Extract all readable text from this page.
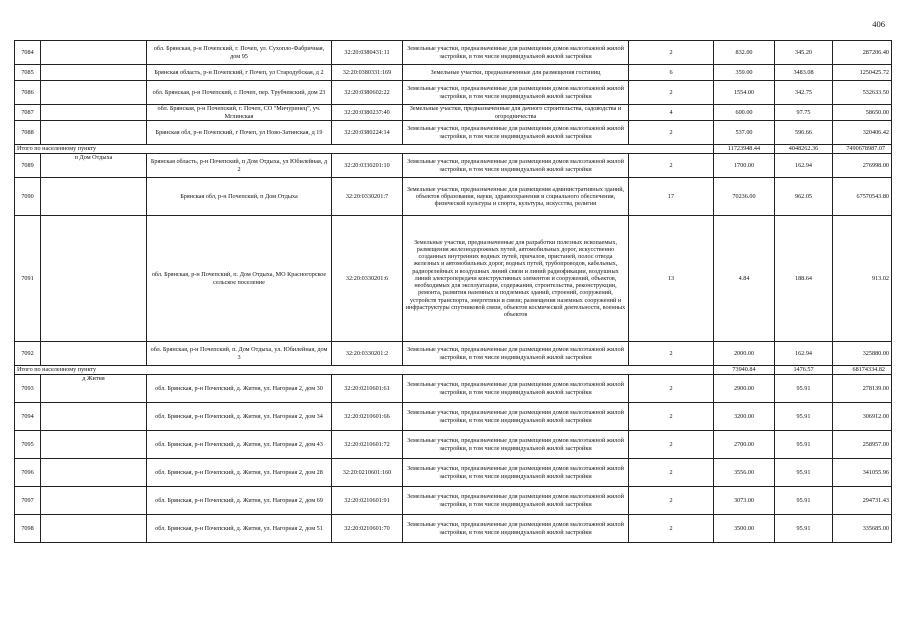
406
7084		обл. Брянская, р-н Почепский, г. Почеп, ул. Сухопло-Фабричная, дом 95	32:20:0380431:11	Земельные участки, предназначенные для размещения домов малоэтажной жилой застройки, в том числе индивидуальной жилой застройки	2	832.00	345.20	287206.40
7085		Брянская область, р-н Почепский, г Почеп, ул Стародубская, д 2	32:20:0380331:169	Земельные участки, предназначенные для размещения гостиниц	6	359.00	3483.08	1250425.72
7086		обл. Брянская, р-н Почепский, г. Почеп, пер. Трубчевский, дом 23	32:20:0380602:22	Земельные участки, предназначенные для размещения домов малоэтажной жилой застройки, в том числе индивидуальной жилой застройки	2	1554.00	342.75	532633.50
7087		обл. Брянская, р-н Почепский, г. Почеп, СО "Мичуринец", уч. Мглинская	32:20:0380237:40	Земельные участки, предназначенные для дачного строительства, садоводства и огородничества	4	600.00	97.75	58650.00
7088		Брянская обл, р-н Почепский, г Почеп, ул Ново-Затинская, д 19	32:20:0380224:14	Земельные участки, предназначенные для размещения домов малоэтажной жилой застройки, в том числе индивидуальной жилой застройки	2	537.00	596.66	320406.42
Итого по населенному пункту						11723948.44	4048262.36	7490678987.07
7089	п Дом Отдыха	Брянская область, р-н Почепский, п Дом Отдыха, ул Юбилейная, д 2	32:20:0330201:10	Земельные участки, предназначенные для размещения домов малоэтажной жилой застройки, в том числе индивидуальной жилой застройки	2	1700.00	162.94	276998.00
7090		Брянская обл, р-н Почепский, п Дом Отдыха	32:20:0330201:7	Земельные участки, предназначенные для размещения административных зданий, объектов образования, науки, здравоохранения и социального обеспечения, физической культуры и спорта, культуры, искусства, религии	17	70236.00	962.05	67570543.80
7091		обл. Брянская, р-н Почепский, п. Дом Отдыха, МО Красногорское сельское поселение	32:20:0330201:6	Земельные участки, предназначенные для разработки полезных ископаемых, размещения железнодорожных путей, автомобильных дорог, искусственно созданных внутренних водных путей, причалов, пристаней, полос отвода железных и автомобильных дорог, водных путей, трубопроводов, кабельных, радиорелейных и воздушных линий связи и линий радиофикации, воздушных линий электропередачи конструктивных элементов и сооружений, объектов, необходимых для эксплуатации, содержания, строительства, реконструкции, ремонта, развития наземных и подземных зданий, строений, сооружений, устройств транспорта, энергетики и связи; размещения наземных сооружений и инфраструктуры спутниковой связи, объектов космической деятельности, военных объектов	13	4.84	188.64	913.02
7092		обл. Брянская, р-н Почепский, п. Дом Отдыха, ул. Юбилейная, дом 3	32:20:0330201:2	Земельные участки, предназначенные для размещения домов малоэтажной жилой застройки, в том числе индивидуальной жилой застройки	2	2000.00	162.94	325880.00
Итого по населенному пункту						73940.84	1476.57	68174334.82
7093	д Житня	обл. Брянская, р-н Почепский, д. Житня, ул. Нагорная 2, дом 30	32:20:0210601:61	Земельные участки, предназначенные для размещения домов малоэтажной жилой застройки, в том числе индивидуальной жилой застройки	2	2900.00	95.91	278139.00
7094		обл. Брянская, р-н Почепский, д. Житня, ул. Нагорная 2, дом 34	32:20:0210601:66	Земельные участки, предназначенные для размещения домов малоэтажной жилой застройки, в том числе индивидуальной жилой застройки	2	3200.00	95.91	306912.00
7095		обл. Брянская, р-н Почепский, д. Житня, ул. Нагорная 2, дом 43	32:20:0210601:72	Земельные участки, предназначенные для размещения домов малоэтажной жилой застройки, в том числе индивидуальной жилой застройки	2	2700.00	95.91	258957.00
7096		обл. Брянская, р-н Почепский, д. Житня, ул. Нагорная 2, дом 28	32:20:0210601:160	Земельные участки, предназначенные для размещения домов малоэтажной жилой застройки, в том числе индивидуальной жилой застройки	2	3556.00	95.91	341055.96
7097		обл. Брянская, р-н Почепский, д. Житня, ул. Нагорная 2, дом 69	32:20:0210601:91	Земельные участки, предназначенные для размещения домов малоэтажной жилой застройки, в том числе индивидуальной жилой застройки	2	3073.00	95.91	294731.43
7098		обл. Брянская, р-н Почепский, д. Житня, ул. Нагорная 2, дом 51	32:20:0210601:70	Земельные участки, предназначенные для размещения домов малоэтажной жилой застройки, в том числе индивидуальной жилой застройки	2	3500.00	95.91	335685.00
